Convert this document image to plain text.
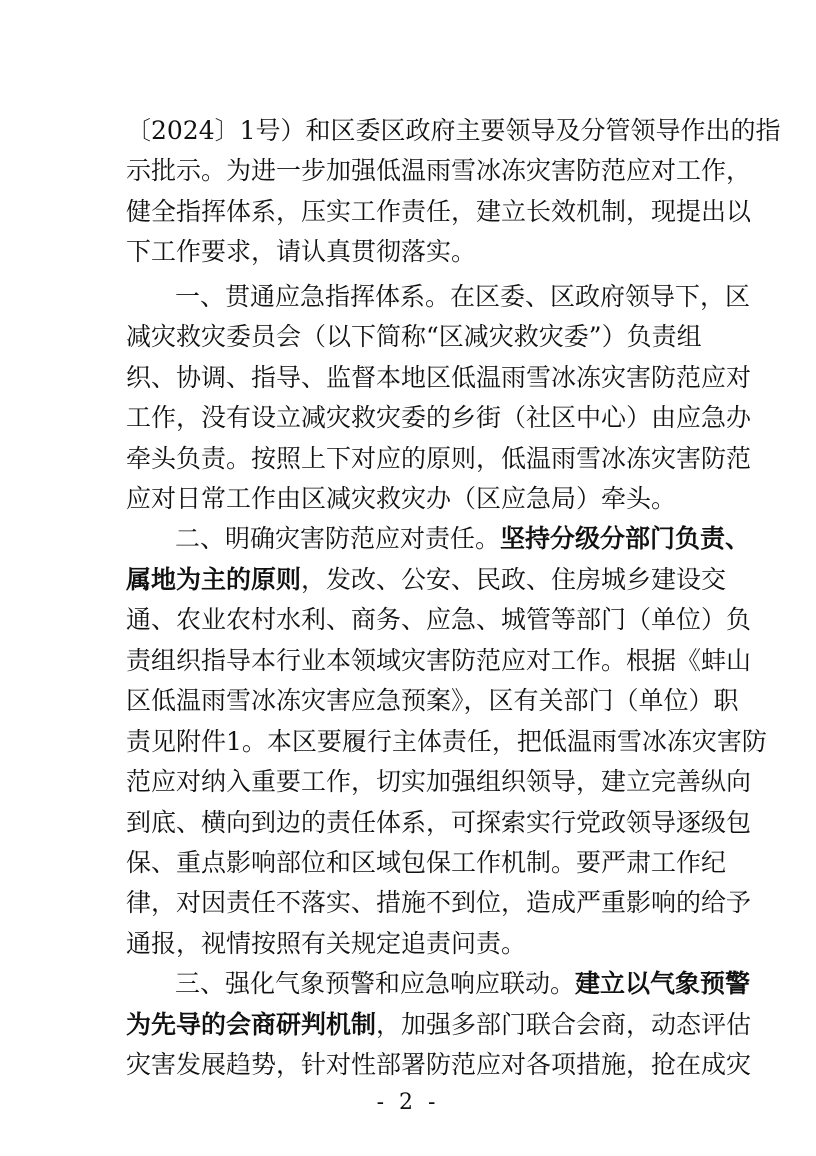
〔2024〕1号）和区委区政府主要领导及分管领导作出的指
示批示。为进一步加强低温雨雪冰冻灾害防范应对工作，
健全指挥体系，压实工作责任，建立长效机制，现提出以
下工作要求，请认真贯彻落实。
一、贯通应急指挥体系。在区委、区政府领导下，区
减灾救灾委员会（以下简称“区减灾救灾委”）负责组
织、协调、指导、监督本地区低温雨雪冰冻灾害防范应对
工作，没有设立减灾救灾委的乡街（社区中心）由应急办
牵头负责。按照上下对应的原则，低温雨雪冰冻灾害防范
应对日常工作由区减灾救灾办（区应急局）牵头。
二、明确灾害防范应对责任。坚持分级分部门负责、
属地为主的原则，发改、公安、民政、住房城乡建设交
通、农业农村水利、商务、应急、城管等部门（单位）负
责组织指导本行业本领域灾害防范应对工作。根据《蚌山
区低温雨雪冰冻灾害应急预案》，区有关部门（单位）职
责见附件1。本区要履行主体责任，把低温雨雪冰冻灾害防
范应对纳入重要工作，切实加强组织领导，建立完善纵向
到底、横向到边的责任体系，可探索实行党政领导逐级包
保、重点影响部位和区域包保工作机制。要严肃工作纪
律，对因责任不落实、措施不到位，造成严重影响的给予
通报，视情按照有关规定追责问责。
三、强化气象预警和应急响应联动。建立以气象预警
为先导的会商研判机制，加强多部门联合会商，动态评估
灾害发展趋势，针对性部署防范应对各项措施，抢在成灾
- 2 -
